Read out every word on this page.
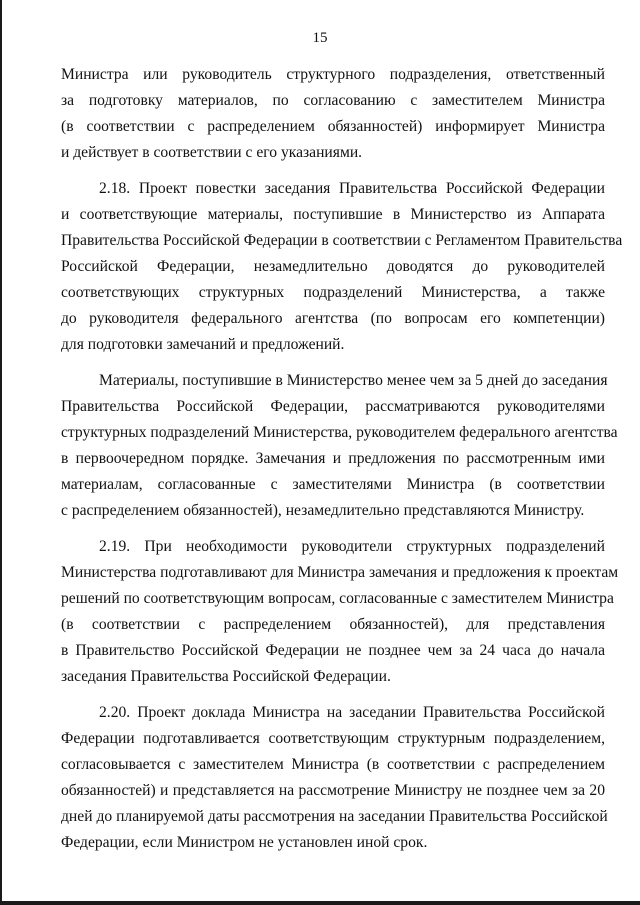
15
Министра или руководитель структурного подразделения, ответственный
за подготовку материалов, по согласованию с заместителем Министра
(в соответствии с распределением обязанностей) информирует Министра
и действует в соответствии с его указаниями.
2.18. Проект повестки заседания Правительства Российской Федерации
и соответствующие материалы, поступившие в Министерство из Аппарата
Правительства Российской Федерации в соответствии с Регламентом Правительства
Российской Федерации, незамедлительно доводятся до руководителей
соответствующих структурных подразделений Министерства, а также
до руководителя федерального агентства (по вопросам его компетенции)
для подготовки замечаний и предложений.
Материалы, поступившие в Министерство менее чем за 5 дней до заседания
Правительства Российской Федерации, рассматриваются руководителями
структурных подразделений Министерства, руководителем федерального агентства
в первоочередном порядке. Замечания и предложения по рассмотренным ими
материалам, согласованные с заместителями Министра (в соответствии
с распределением обязанностей), незамедлительно представляются Министру.
2.19. При необходимости руководители структурных подразделений
Министерства подготавливают для Министра замечания и предложения к проектам
решений по соответствующим вопросам, согласованные с заместителем Министра
(в соответствии с распределением обязанностей), для представления
в Правительство Российской Федерации не позднее чем за 24 часа до начала
заседания Правительства Российской Федерации.
2.20. Проект доклада Министра на заседании Правительства Российской
Федерации подготавливается соответствующим структурным подразделением,
согласовывается с заместителем Министра (в соответствии с распределением
обязанностей) и представляется на рассмотрение Министру не позднее чем за 20
дней до планируемой даты рассмотрения на заседании Правительства Российской
Федерации, если Министром не установлен иной срок.
